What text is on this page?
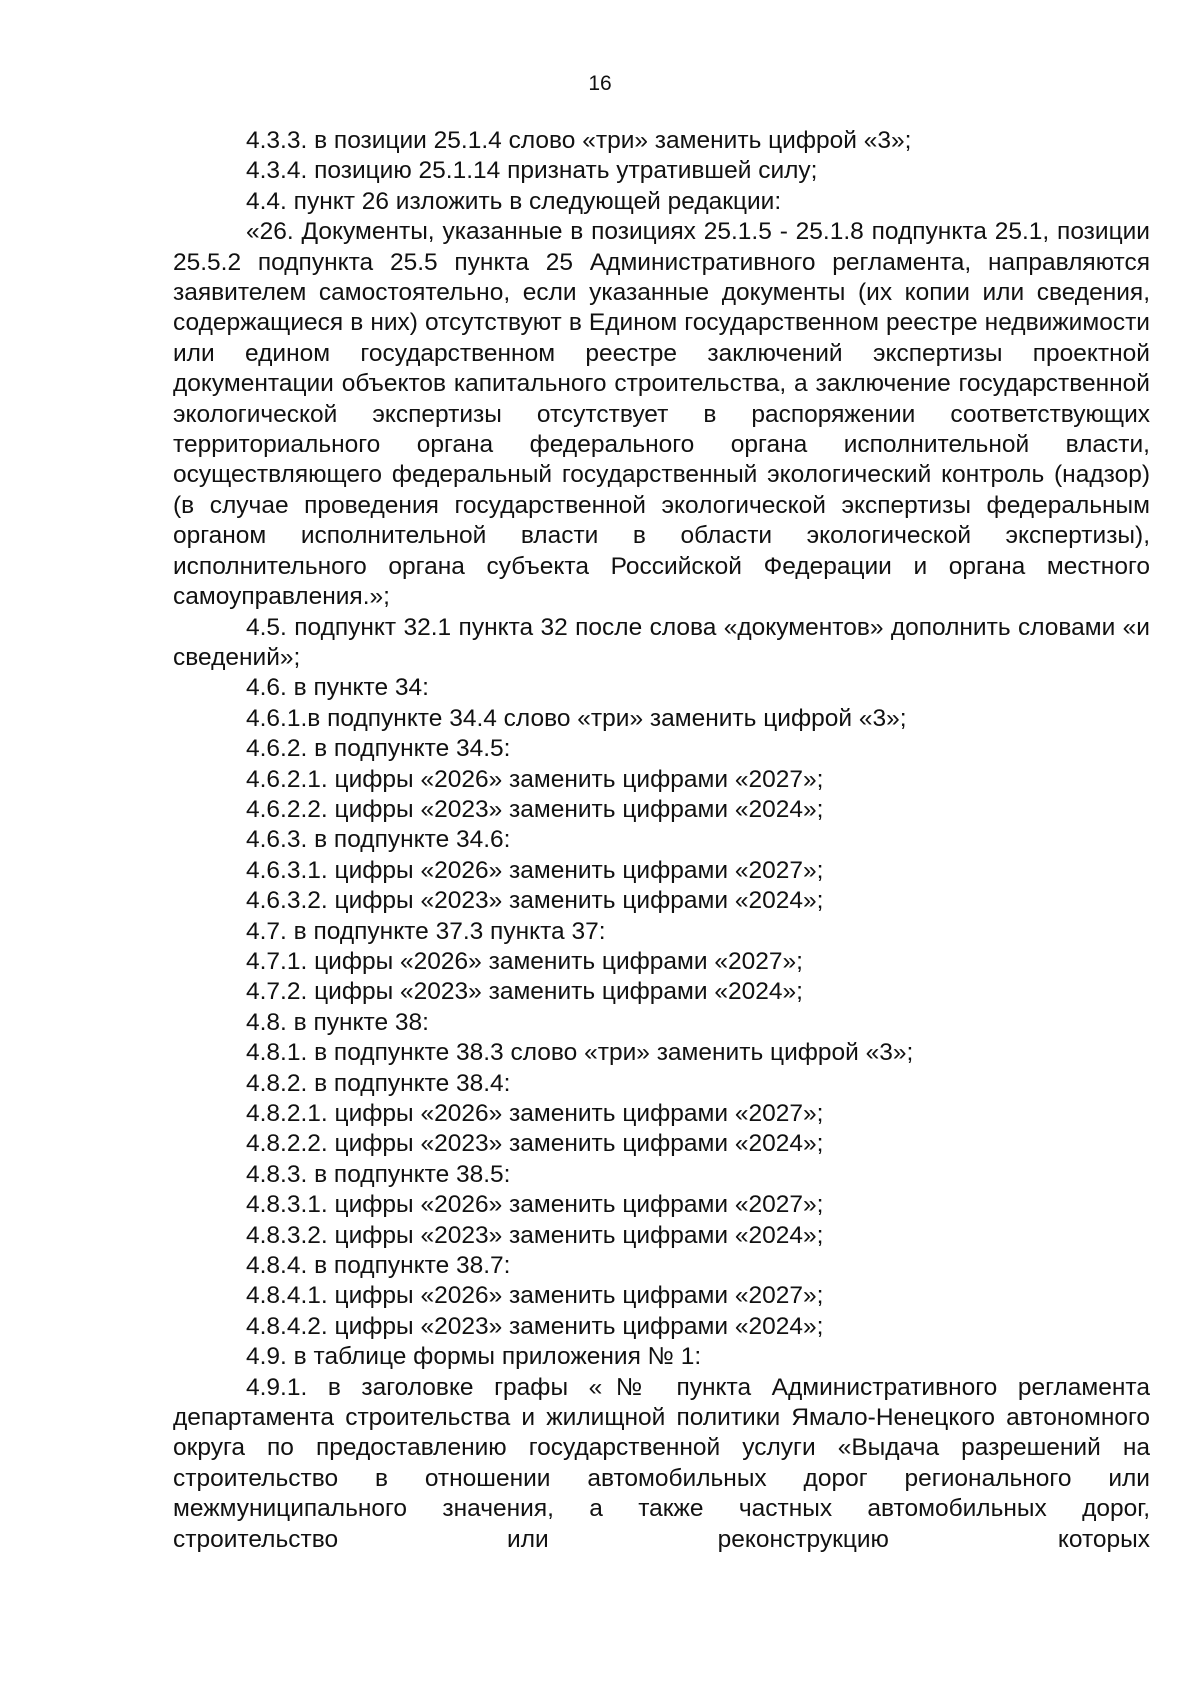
16

4.3.3. в позиции 25.1.4 слово «три» заменить цифрой «3»;

4.3.4. позицию 25.1.14 признать утратившей силу;

4.4. пункт 26 изложить в следующей редакции:

«26. Документы, указанные в позициях 25.1.5 - 25.1.8 подпункта 25.1, позиции 25.5.2 подпункта 25.5 пункта 25 Административного регламента, направляются заявителем самостоятельно, если указанные документы (их копии или сведения, содержащиеся в них) отсутствуют в Едином государственном реестре недвижимости или едином государственном реестре заключений экспертизы проектной документации объектов капитального строительства, а заключение государственной экологической экспертизы отсутствует в распоряжении соответствующих территориального органа федерального органа исполнительной власти, осуществляющего федеральный государственный экологический контроль (надзор) (в случае проведения государственной экологической экспертизы федеральным органом исполнительной власти в области экологической экспертизы), исполнительного органа субъекта Российской Федерации и органа местного самоуправления.»;

4.5. подпункт 32.1 пункта 32 после слова «документов» дополнить словами «и сведений»;

4.6. в пункте 34:

4.6.1.в подпункте 34.4 слово «три» заменить цифрой «3»;

4.6.2. в подпункте 34.5:

4.6.2.1. цифры «2026» заменить цифрами «2027»;

4.6.2.2. цифры «2023» заменить цифрами «2024»;

4.6.3. в подпункте 34.6:

4.6.3.1. цифры «2026» заменить цифрами «2027»;

4.6.3.2. цифры «2023» заменить цифрами «2024»;

4.7. в подпункте 37.3 пункта 37:

4.7.1. цифры «2026» заменить цифрами «2027»;

4.7.2. цифры «2023» заменить цифрами «2024»;

4.8. в пункте 38:

4.8.1. в подпункте 38.3 слово «три» заменить цифрой «3»;

4.8.2. в подпункте 38.4:

4.8.2.1. цифры «2026» заменить цифрами «2027»;

4.8.2.2. цифры «2023» заменить цифрами «2024»;

4.8.3. в подпункте 38.5:

4.8.3.1. цифры «2026» заменить цифрами «2027»;

4.8.3.2. цифры «2023» заменить цифрами «2024»;

4.8.4. в подпункте 38.7:

4.8.4.1. цифры «2026» заменить цифрами «2027»;

4.8.4.2. цифры «2023» заменить цифрами «2024»;

4.9. в таблице формы приложения № 1:

4.9.1. в заголовке графы «№ пункта Административного регламента департамента строительства и жилищной политики Ямало-Ненецкого автономного округа по предоставлению государственной услуги «Выдача разрешений на строительство в отношении автомобильных дорог регионального или межмуниципального значения, а также частных автомобильных дорог, строительство или реконструкцию которых
